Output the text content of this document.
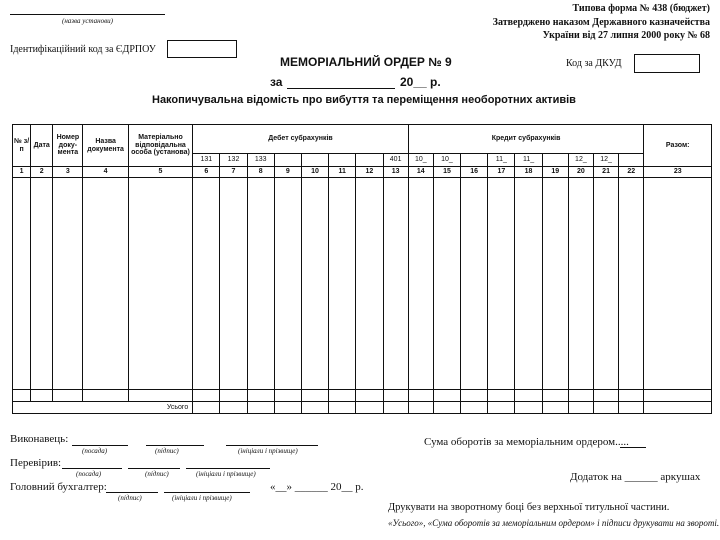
(назва установи)
Типова форма № 438 (бюджет)
Затверджено наказом Державного казначейства
України від 27 липня 2000 року № 68
Ідентифікаційний код за ЄДРПОУ
Код за ДКУД
МЕМОРІАЛЬНИЙ ОРДЕР № 9
за	20__ р.
Накопичувальна відомість про вибуття та переміщення необоротних активів
№ з/п	Дата	Номер доку-мента	Назва документа	Матеріально відповідальна особа (установа)	Дебет субрахунків								Кредит субрахунків									Разом:
					131	132	133					401	10_	10_		11_	11_		12_	12_		
1	2	3	4	5	6	7	8	9	10	11	12	13	14	15	16	17	18	19	20	21	22	23

Усього																						
Виконавець:
(посада)	(підпис)	(ініціали і прізвище)
Сума оборотів за меморіальним ордером.....
Перевірив:
(посада)	(підпис)	(ініціали і прізвище)	Додаток на ______ аркушах
Головний бухгалтер:
(підпис)	(ініціали і прізвище)
«__» ______ 20__ р.
Друкувати на зворотному боці без верхньої титульної частини.
«Усього», «Сума оборотів за меморіальним ордером» і підписи друкувати на звороті.
